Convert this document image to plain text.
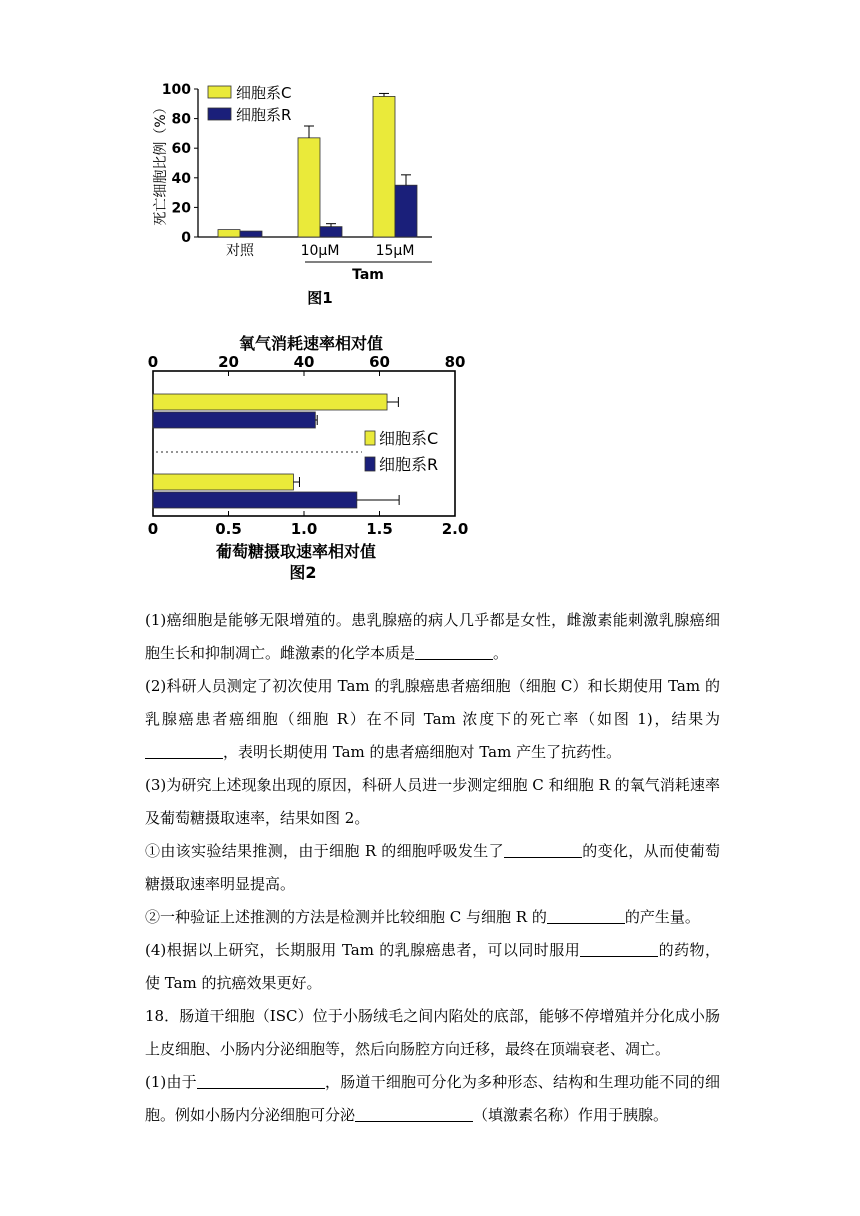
0
20
40
60
80
100
死亡细胞比例（%）
对照	10μM	15μM
Tam
图1
细胞系C
细胞系R
0	20	40	60	80
氧气消耗速率相对值
0	0.5	1.0	1.5	2.0
葡萄糖摄取速率相对值
图2
细胞系C
细胞系R

(1)癌细胞是能够无限增殖的。患乳腺癌的病人几乎都是女性，雌激素能刺激乳腺癌细胞生长和抑制凋亡。雌激素的化学本质是	。

(2)科研人员测定了初次使用 Tam 的乳腺癌患者癌细胞（细胞 C）和长期使用 Tam 的乳腺癌患者癌细胞（细胞 R）在不同 Tam 浓度下的死亡率（如图 1)，结果为，表明长期使用 Tam 的患者癌细胞对 Tam 产生了抗药性。

(3)为研究上述现象出现的原因，科研人员进一步测定细胞 C 和细胞 R 的氧气消耗速率及葡萄糖摄取速率，结果如图 2。

①由该实验结果推测，由于细胞 R 的细胞呼吸发生了	的变化，从而使葡萄糖摄取速率明显提高。

②一种验证上述推测的方法是检测并比较细胞 C 与细胞 R 的	的产生量。

(4)根据以上研究，长期服用 Tam 的乳腺癌患者，可以同时服用	的药物，使 Tam 的抗癌效果更好。

18．肠道干细胞（ISC）位于小肠绒毛之间内陷处的底部，能够不停增殖并分化成小肠上皮细胞、小肠内分泌细胞等，然后向肠腔方向迁移，最终在顶端衰老、凋亡。

(1)由于	，肠道干细胞可分化为多种形态、结构和生理功能不同的细胞。例如小肠内分泌细胞可分泌	（填激素名称）作用于胰腺。
